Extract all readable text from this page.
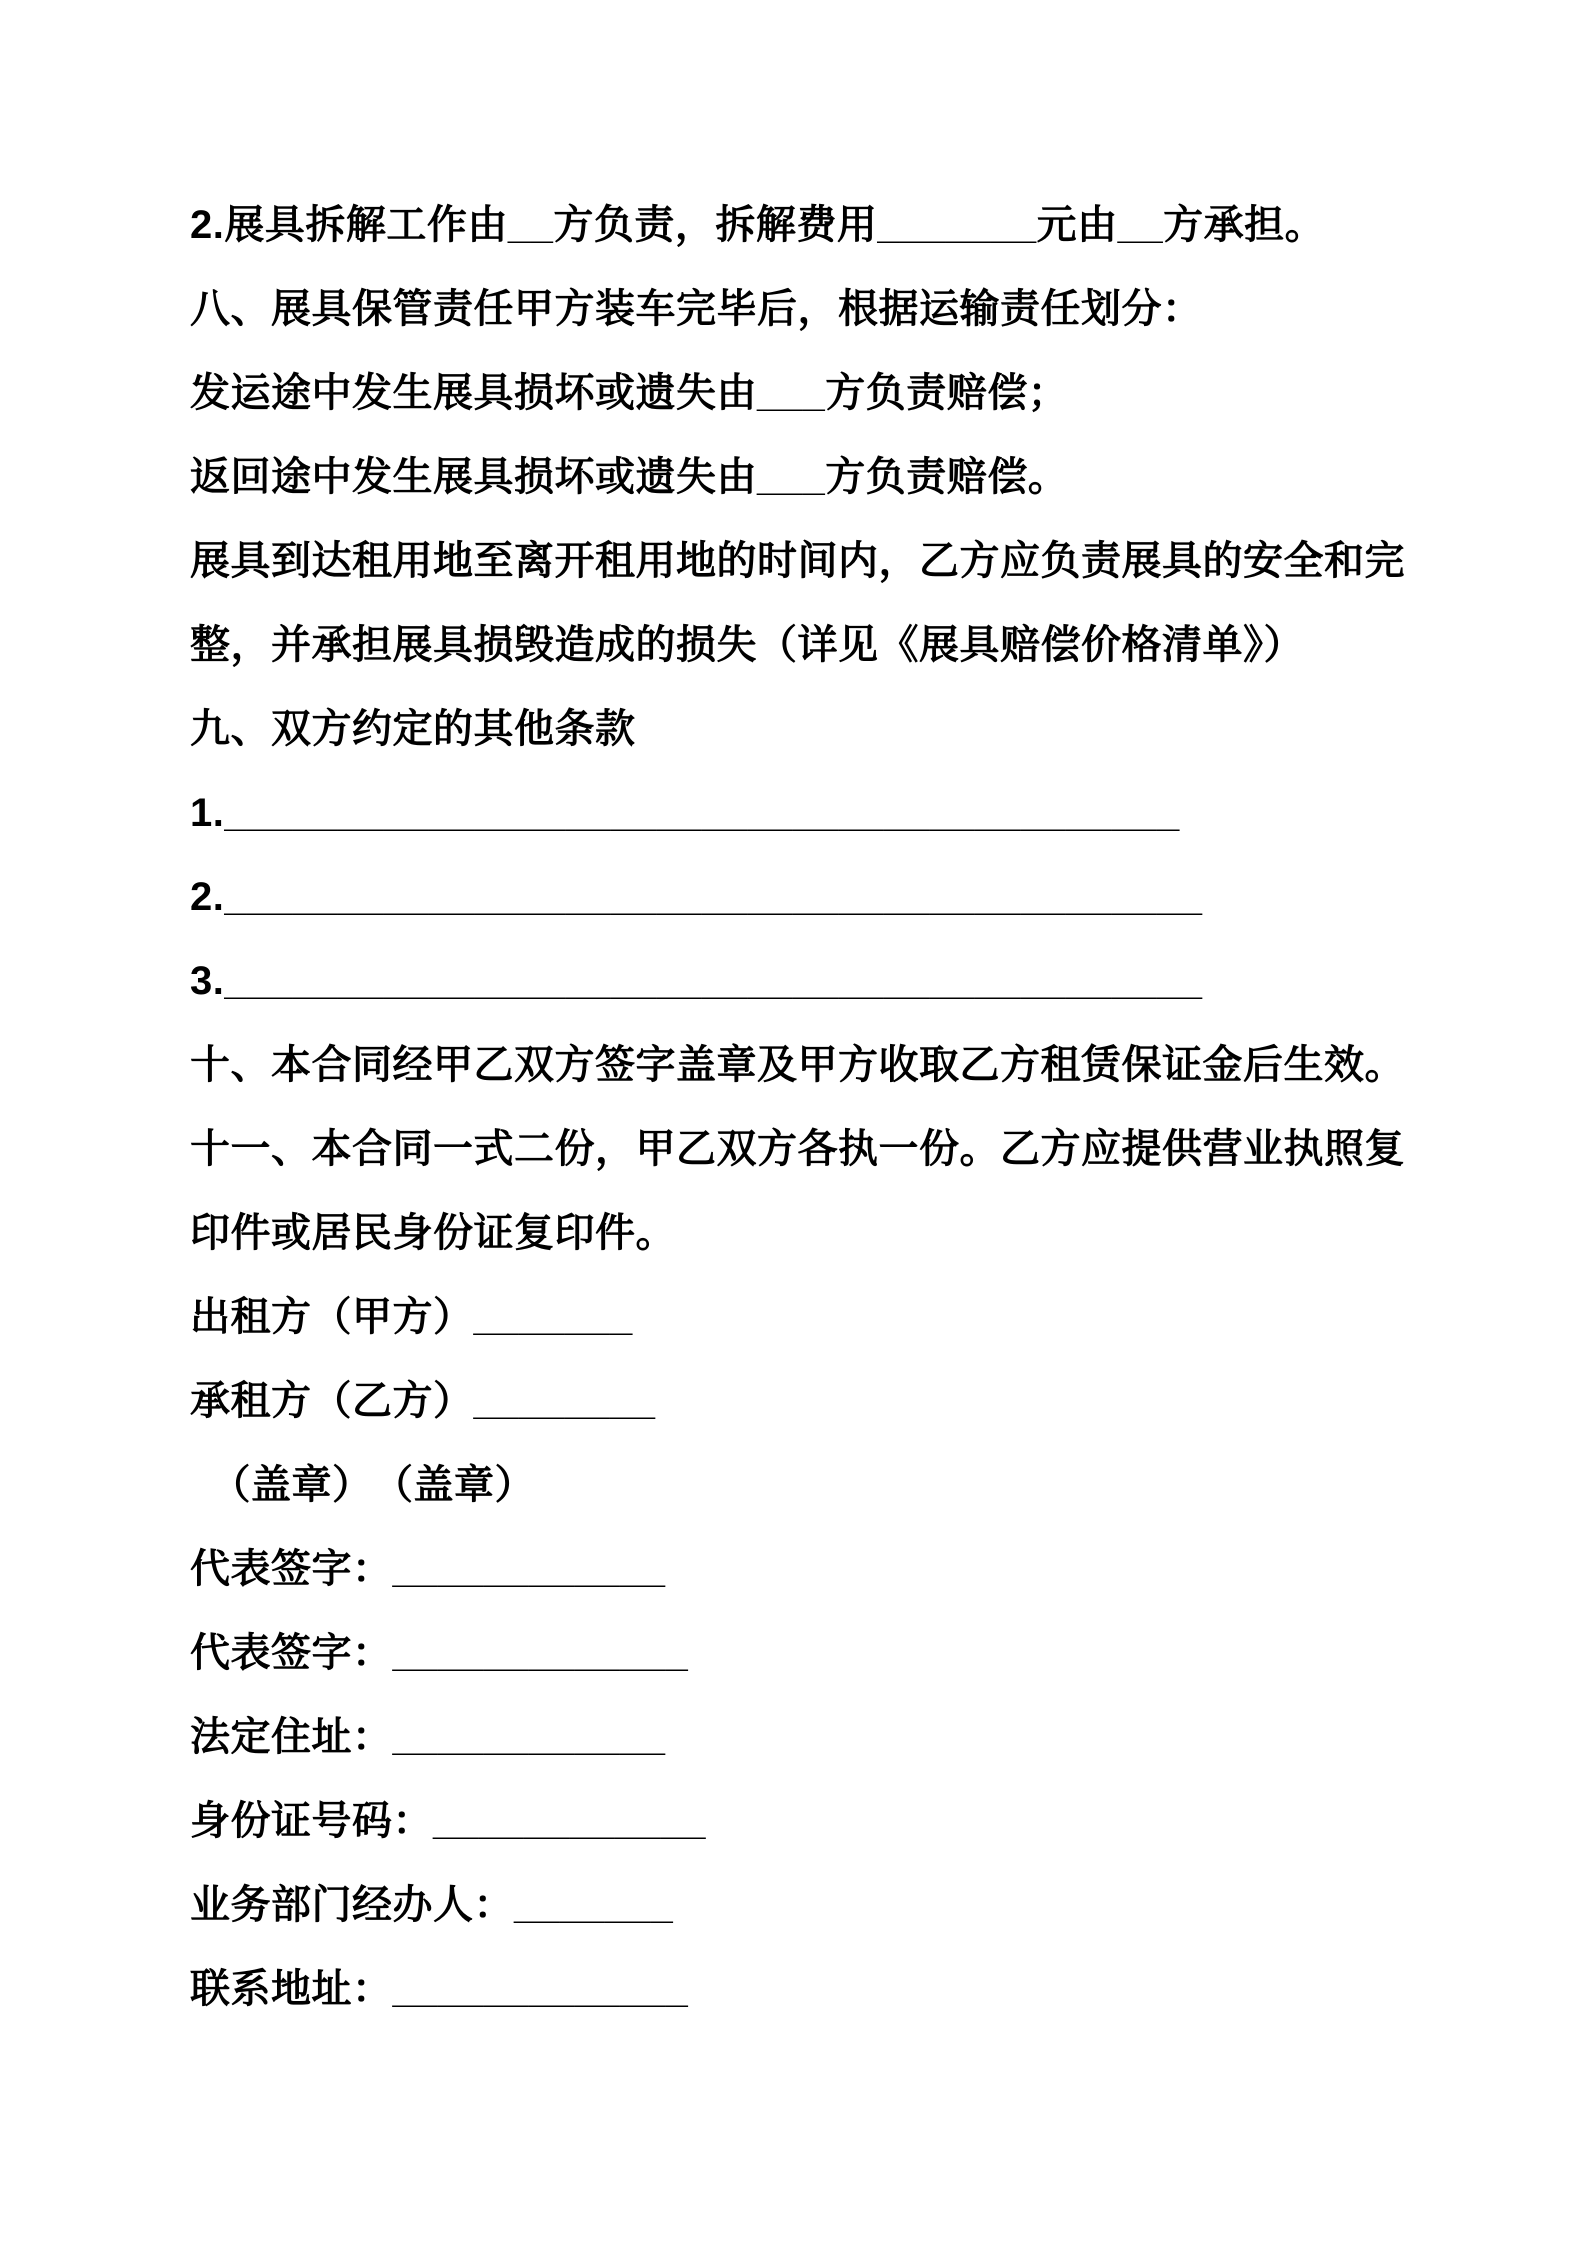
2.展具拆解工作由__方负责，拆解费用_______元由__方承担。
八、展具保管责任甲方装车完毕后，根据运输责任划分：
发运途中发生展具损坏或遗失由___方负责赔偿；
返回途中发生展具损坏或遗失由___方负责赔偿。
展具到达租用地至离开租用地的时间内，乙方应负责展具的安全和完
整，并承担展具损毁造成的损失（详见《展具赔偿价格清单》）
九、双方约定的其他条款
1.__________________________________________
2.___________________________________________
3.___________________________________________
十、本合同经甲乙双方签字盖章及甲方收取乙方租赁保证金后生效。
十一、本合同一式二份，甲乙双方各执一份。乙方应提供营业执照复
印件或居民身份证复印件。
出租方（甲方）_______
承租方（乙方）________
　（盖章）　（盖章）
代表签字：____________
代表签字：_____________
法定住址：____________
身份证号码：____________
业务部门经办人：_______
联系地址：_____________
